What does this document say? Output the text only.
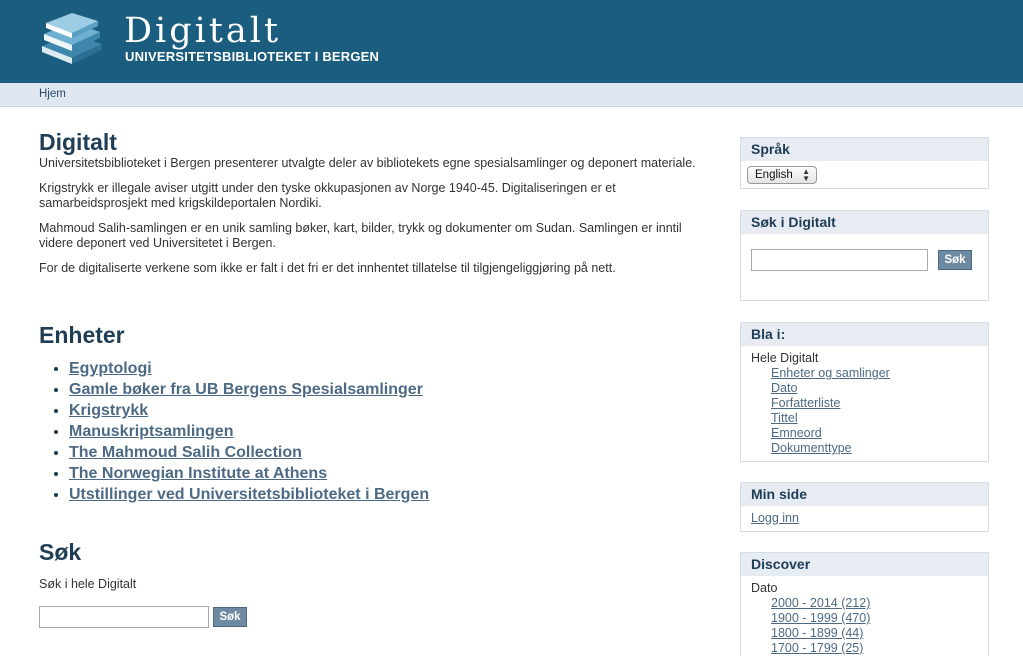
Digitalt
UNIVERSITETSBIBLIOTEKET I BERGEN
Hjem
Digitalt

Universitetsbiblioteket i Bergen presenterer utvalgte deler av bibliotekets egne spesialsamlinger og deponert materiale.

Krigstrykk er illegale aviser utgitt under den tyske okkupasjonen av Norge 1940-45. Digitaliseringen er et samarbeidsprosjekt med krigskildeportalen Nordiki.

Mahmoud Salih-samlingen er en unik samling bøker, kart, bilder, trykk og dokumenter om Sudan. Samlingen er inntil videre deponert ved Universitetet i Bergen.

For de digitaliserte verkene som ikke er falt i det fri er det innhentet tillatelse til tilgjengeliggjøring på nett.

Enheter
• Egyptologi
• Gamle bøker fra UB Bergens Spesialsamlinger
• Krigstrykk
• Manuskriptsamlingen
• The Mahmoud Salih Collection
• The Norwegian Institute at Athens
• Utstillinger ved Universitetsbiblioteket i Bergen
Søk
Søk i hele Digitalt
Søk
Språk
English ▲
▼
Søk i Digitalt
Søk
Bla i:
Hele Digitalt
Enheter og samlinger
Dato
Forfatterliste
Tittel
Emneord
Dokumenttype
Min side
Logg inn
Discover
Dato
2000 - 2014 (212)
1900 - 1999 (470)
1800 - 1899 (44)
1700 - 1799 (25)
